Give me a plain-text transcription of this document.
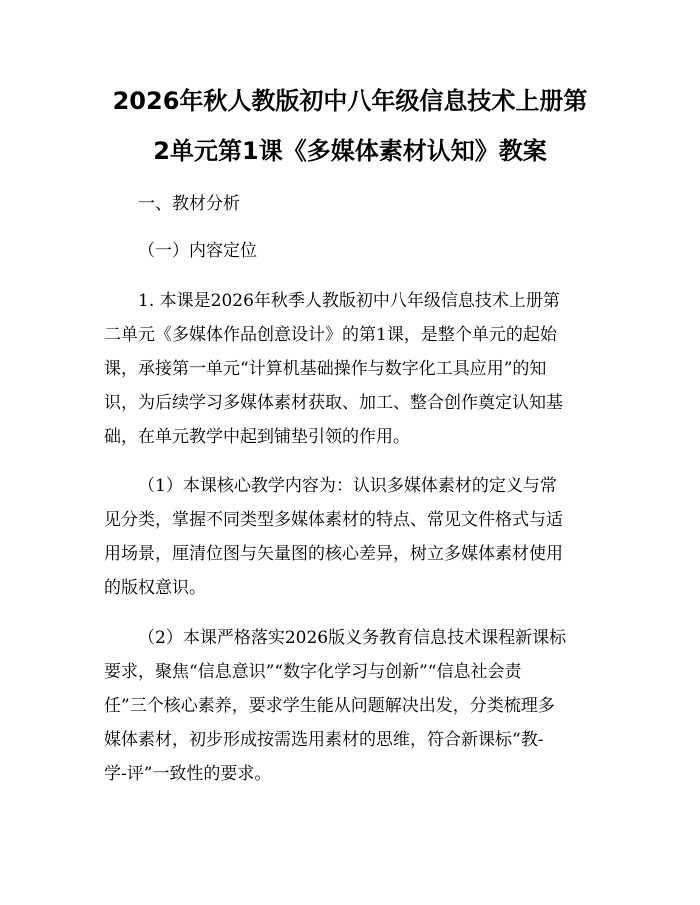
2026年秋人教版初中八年级信息技术上册第
2单元第1课《多媒体素材认知》教案
一、教材分析
（一）内容定位
1. 本课是2026年秋季人教版初中八年级信息技术上册第
二单元《多媒体作品创意设计》的第1课，是整个单元的起始
课，承接第一单元“计算机基础操作与数字化工具应用”的知
识，为后续学习多媒体素材获取、加工、整合创作奠定认知基
础，在单元教学中起到铺垫引领的作用。
（1）本课核心教学内容为：认识多媒体素材的定义与常
见分类，掌握不同类型多媒体素材的特点、常见文件格式与适
用场景，厘清位图与矢量图的核心差异，树立多媒体素材使用
的版权意识。
（2）本课严格落实2026版义务教育信息技术课程新课标
要求，聚焦“信息意识”“数字化学习与创新”“信息社会责
任”三个核心素养，要求学生能从问题解决出发，分类梳理多
媒体素材，初步形成按需选用素材的思维，符合新课标“教-
学-评”一致性的要求。
